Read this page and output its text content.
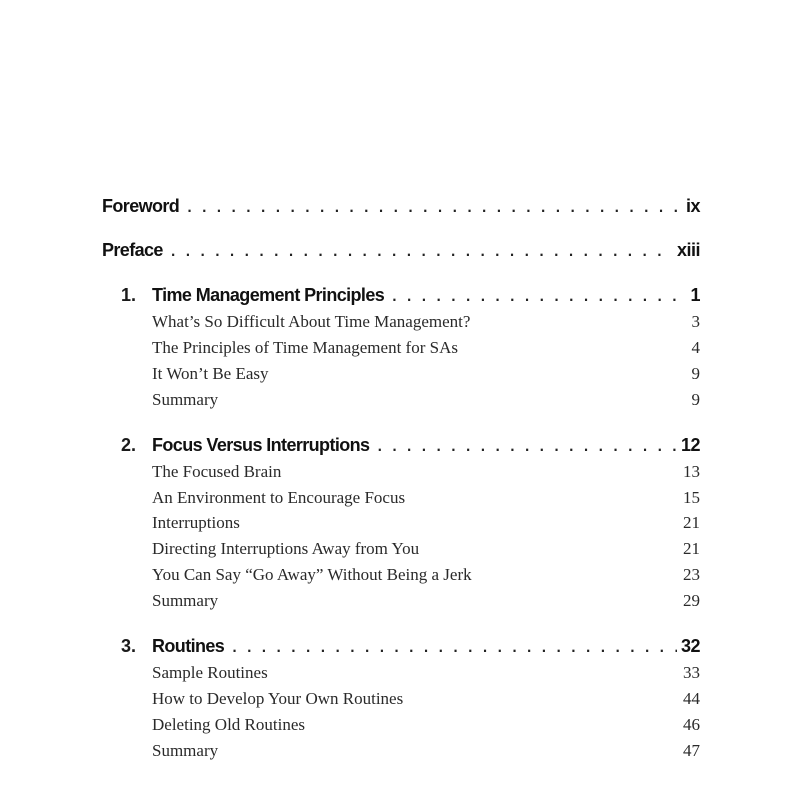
Foreword . . .	ix
Preface . . .	xiii
1. Time Management Principles . . .	1
What’s So Difficult About Time Management?	3
The Principles of Time Management for SAs	4
It Won’t Be Easy	9
Summary	9
2. Focus Versus Interruptions . . .	12
The Focused Brain	13
An Environment to Encourage Focus	15
Interruptions	21
Directing Interruptions Away from You	21
You Can Say “Go Away” Without Being a Jerk	23
Summary	29
3. Routines . . .	32
Sample Routines	33
How to Develop Your Own Routines	44
Deleting Old Routines	46
Summary	47
